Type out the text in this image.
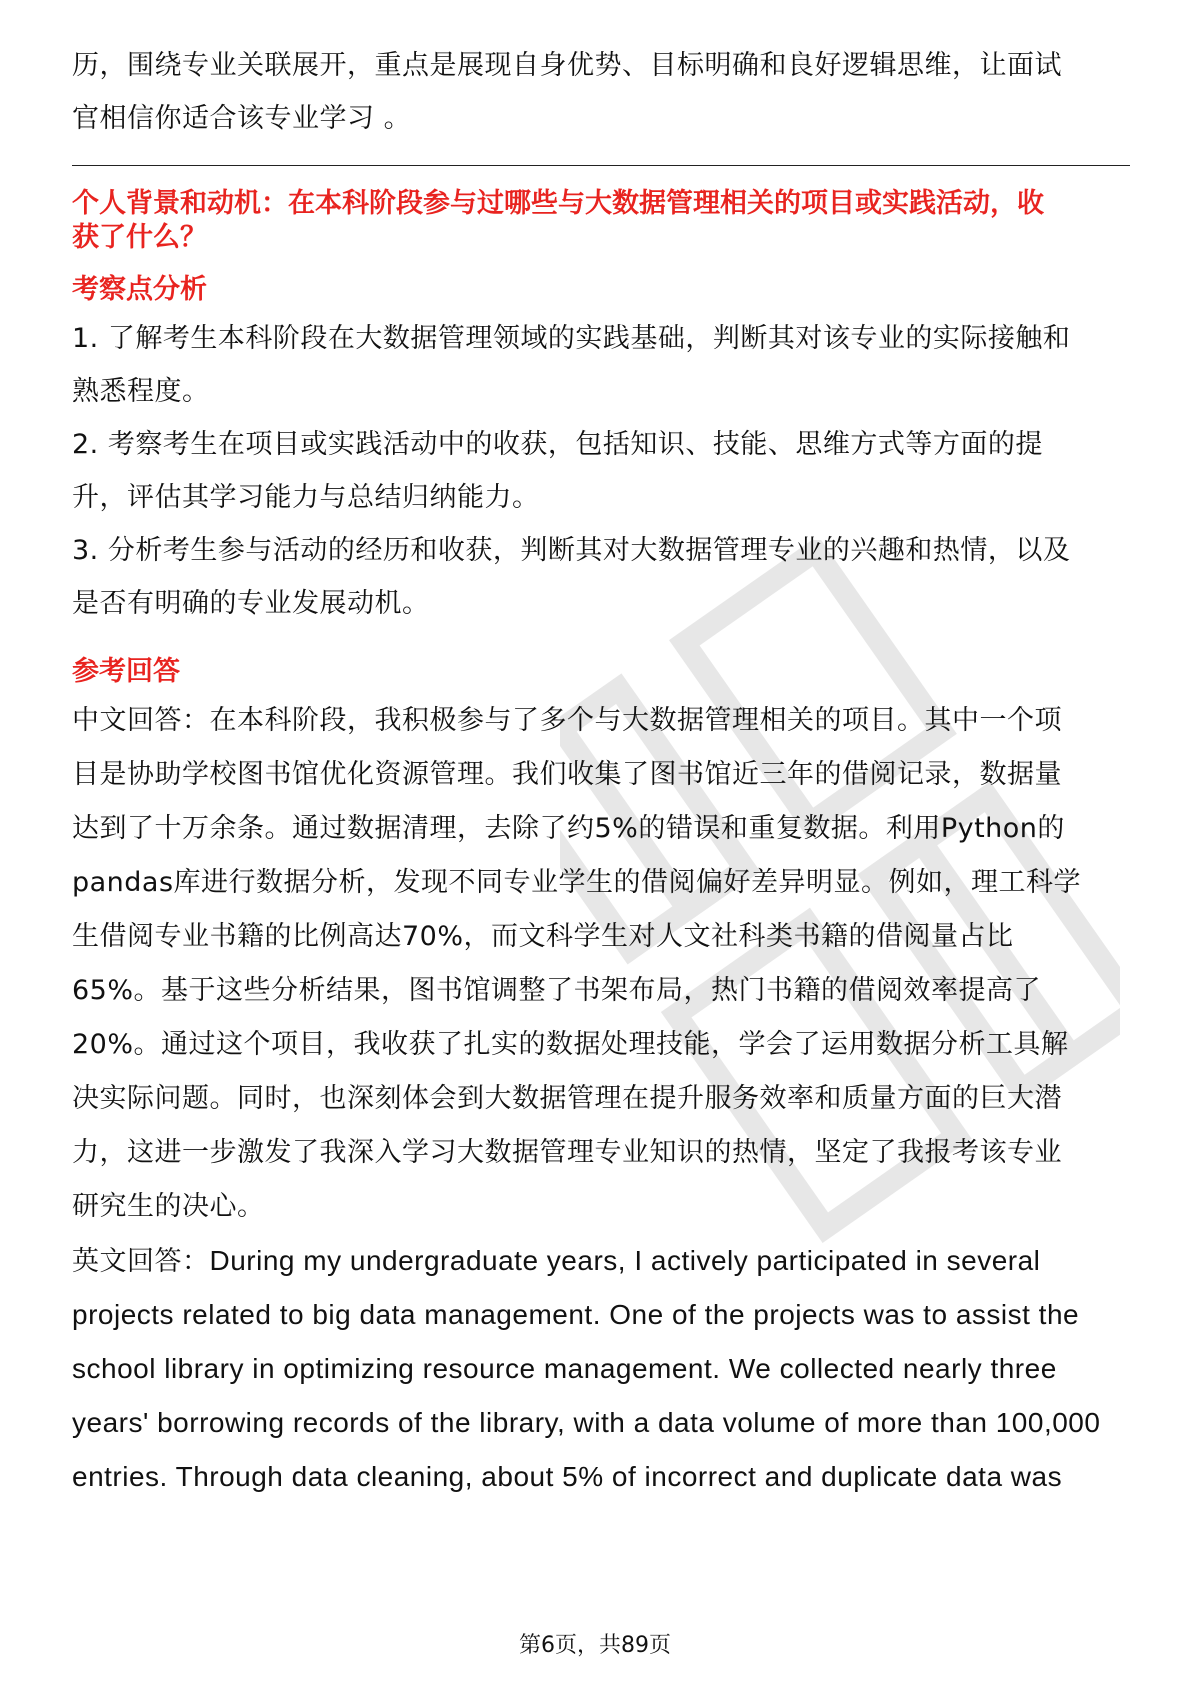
历，围绕专业关联展开，重点是展现自身优势、目标明确和良好逻辑思维，让面试

官相信你适合该专业学习 。

个人背景和动机：在本科阶段参与过哪些与大数据管理相关的项目或实践活动，收

获了什么？

考察点分析

1. 了解考生本科阶段在大数据管理领域的实践基础，判断其对该专业的实际接触和

熟悉程度。

2. 考察考生在项目或实践活动中的收获，包括知识、技能、思维方式等方面的提

升，评估其学习能力与总结归纳能力。

3. 分析考生参与活动的经历和收获，判断其对大数据管理专业的兴趣和热情，以及

是否有明确的专业发展动机。

参考回答

中文回答：在本科阶段，我积极参与了多个与大数据管理相关的项目。其中一个项

目是协助学校图书馆优化资源管理。我们收集了图书馆近三年的借阅记录，数据量

达到了十万余条。通过数据清理，去除了约5%的错误和重复数据。利用Python的

pandas库进行数据分析，发现不同专业学生的借阅偏好差异明显。例如，理工科学

生借阅专业书籍的比例高达70%，而文科学生对人文社科类书籍的借阅量占比

65%。基于这些分析结果，图书馆调整了书架布局，热门书籍的借阅效率提高了

20%。通过这个项目，我收获了扎实的数据处理技能，学会了运用数据分析工具解

决实际问题。同时，也深刻体会到大数据管理在提升服务效率和质量方面的巨大潜

力，这进一步激发了我深入学习大数据管理专业知识的热情，坚定了我报考该专业

研究生的决心。

英文回答：During my undergraduate years, I actively participated in several

projects related to big data management. One of the projects was to assist the

school library in optimizing resource management. We collected nearly three

years' borrowing records of the library, with a data volume of more than 100,000

entries. Through data cleaning, about 5% of incorrect and duplicate data was

第6页，共89页
